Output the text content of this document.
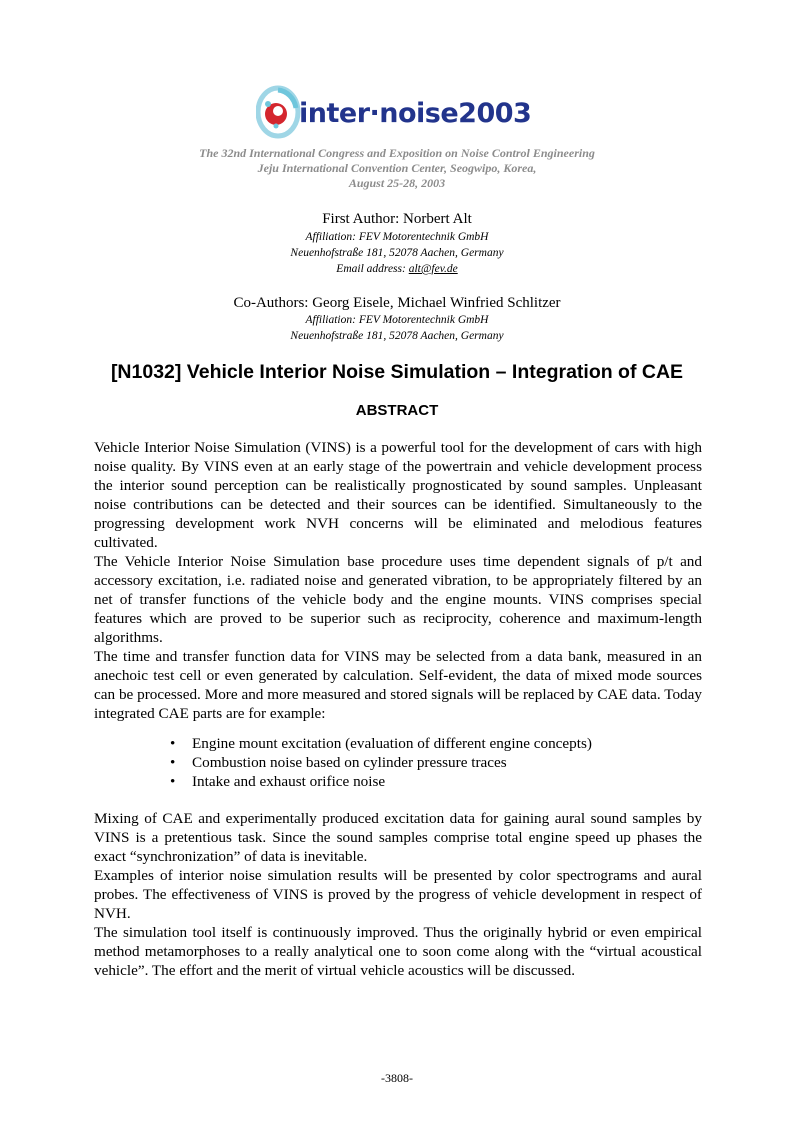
inter·noise2003
The 32nd International Congress and Exposition on Noise Control Engineering
Jeju International Convention Center, Seogwipo, Korea,
August 25-28, 2003
First Author: Norbert Alt
Affiliation: FEV Motorentechnik GmbH
Neuenhofstraße 181, 52078 Aachen, Germany
Email address: alt@fev.de
Co-Authors: Georg Eisele, Michael Winfried Schlitzer
Affiliation: FEV Motorentechnik GmbH
Neuenhofstraße 181, 52078 Aachen, Germany
[N1032] Vehicle Interior Noise Simulation – Integration of CAE
ABSTRACT

Vehicle Interior Noise Simulation (VINS) is a powerful tool for the development of cars with high noise quality. By VINS even at an early stage of the powertrain and vehicle development process the interior sound perception can be realistically prognosticated by sound samples. Unpleasant noise contributions can be detected and their sources can be identified. Simultaneously to the progressing development work NVH concerns will be eliminated and melodious features cultivated.

The Vehicle Interior Noise Simulation base procedure uses time dependent signals of p/t and accessory excitation, i.e. radiated noise and generated vibration, to be appropriately filtered by an net of transfer functions of the vehicle body and the engine mounts. VINS comprises special features which are proved to be superior such as reciprocity, coherence and maximum-length algorithms.

The time and transfer function data for VINS may be selected from a data bank, measured in an anechoic test cell or even generated by calculation. Self-evident, the data of mixed mode sources can be processed. More and more measured and stored signals will be replaced by CAE data. Today integrated CAE parts are for example:

• Engine mount excitation (evaluation of different engine concepts)
• Combustion noise based on cylinder pressure traces
• Intake and exhaust orifice noise

Mixing of CAE and experimentally produced excitation data for gaining aural sound samples by VINS is a pretentious task. Since the sound samples comprise total engine speed up phases the exact “synchronization” of data is inevitable.

Examples of interior noise simulation results will be presented by color spectrograms and aural probes. The effectiveness of VINS is proved by the progress of vehicle development in respect of NVH.

The simulation tool itself is continuously improved. Thus the originally hybrid or even empirical method metamorphoses to a really analytical one to soon come along with the “virtual acoustical vehicle”. The effort and the merit of virtual vehicle acoustics will be discussed.

-3808-
